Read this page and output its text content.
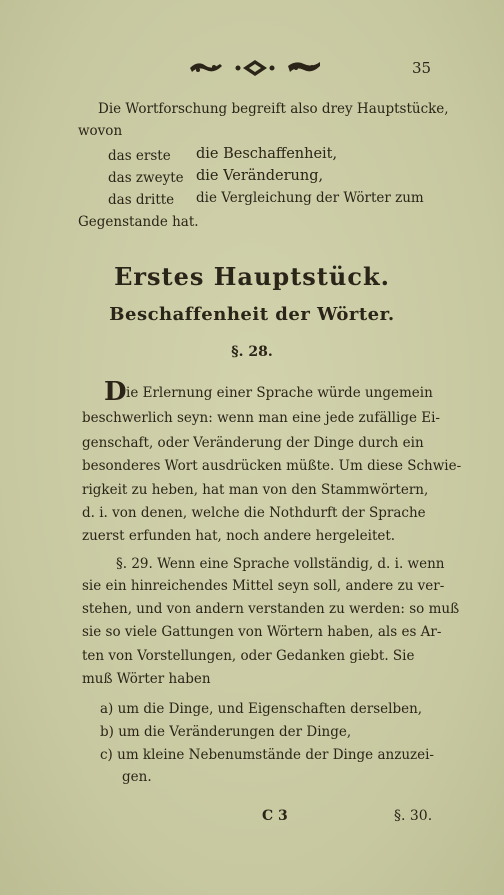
35
Die Wortforschung begreift also drey Hauptstücke,
wovon
das erste die Beschaffenheit,
das zweyte die Veränderung,
das dritte die Vergleichung der Wörter zum
Gegenstande hat.
Erstes Hauptstück.
Beschaffenheit der Wörter.
§. 28.
D ie Erlernung einer Sprache würde ungemein
beschwerlich seyn: wenn man eine jede zufällige Ei-
genschaft, oder Veränderung der Dinge durch ein
besonderes Wort ausdrücken müßte. Um diese Schwie-
rigkeit zu heben, hat man von den Stammwörtern,
d. i. von denen, welche die Nothdurft der Sprache
zuerst erfunden hat, noch andere hergeleitet.
§. 29. Wenn eine Sprache vollständig, d. i. wenn
sie ein hinreichendes Mittel seyn soll, andere zu ver-
stehen, und von andern verstanden zu werden: so muß
sie so viele Gattungen von Wörtern haben, als es Ar-
ten von Vorstellungen, oder Gedanken giebt. Sie
muß Wörter haben
a) um die Dinge, und Eigenschaften derselben,
b) um die Veränderungen der Dinge,
c) um kleine Nebenumstände der Dinge anzuzei-
gen.
C 3	§. 30.
